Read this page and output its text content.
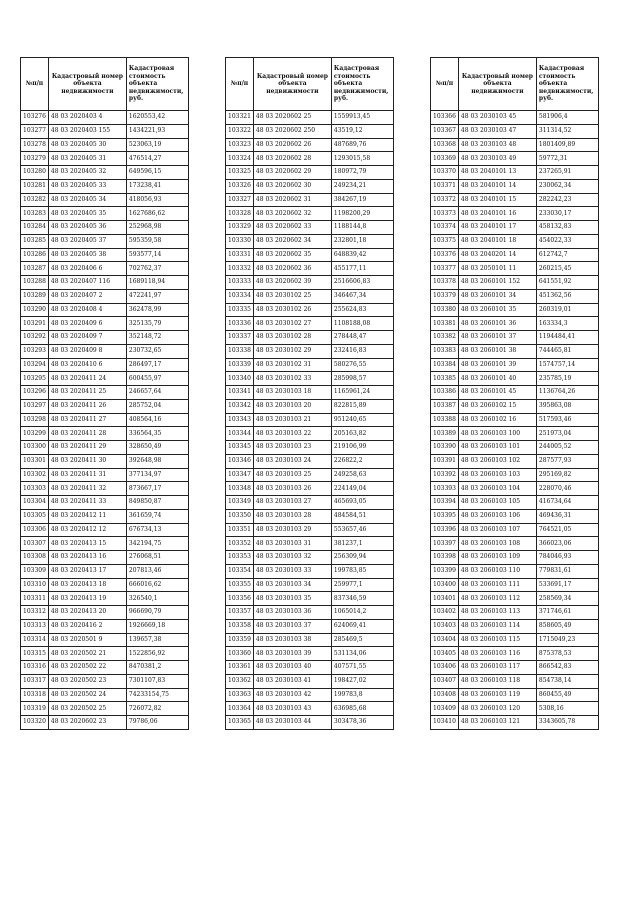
№п/п	Кадастровый номер объекта недвижимости	Кадастровая стоимость объекта недвижимости, руб.
103276	48 03 2020403 4	1620553,42
103277	48 03 2020403 155	1434221,93
103278	48 03 2020405 30	523063,19
103279	48 03 2020405 31	476514,27
103280	48 03 2020405 32	649596,15
103281	48 03 2020405 33	173238,41
103282	48 03 2020405 34	418056,93
103283	48 03 2020405 35	1627686,62
103284	48 03 2020405 36	252968,98
103285	48 03 2020405 37	595359,58
103286	48 03 2020405 38	593577,14
103287	48 03 2020406 6	702762,37
103288	48 03 2020407 116	1689118,94
103289	48 03 2020407 2	472241,97
103290	48 03 2020408 4	362478,99
103291	48 03 2020409 6	325135,79
103292	48 03 2020409 7	352148,72
103293	48 03 2020409 8	230732,65
103294	48 03 2020410 6	286497,17
103295	48 03 2020411 24	600455,97
103296	48 03 2020411 25	246657,64
103297	48 03 2020411 26	285752,04
103298	48 03 2020411 27	408564,16
103299	48 03 2020411 28	336564,35
103300	48 03 2020411 29	328650,49
103301	48 03 2020411 30	392648,98
103302	48 03 2020411 31	377134,97
103303	48 03 2020411 32	873667,17
103304	48 03 2020411 33	849850,87
103305	48 03 2020412 11	361659,74
103306	48 03 2020412 12	676734,13
103307	48 03 2020413 15	342194,75
103308	48 03 2020413 16	276068,51
103309	48 03 2020413 17	207813,46
103310	48 03 2020413 18	666016,62
103311	48 03 2020413 19	326540,1
103312	48 03 2020413 20	966690,79
103313	48 03 2020416 2	1926669,18
103314	48 03 2020501 9	139657,38
103315	48 03 2020502 21	1522856,92
103316	48 03 2020502 22	8470381,2
103317	48 03 2020502 23	7301107,83
103318	48 03 2020502 24	74233154,75
103319	48 03 2020502 25	726072,82
103320	48 03 2020602 23	79786,06
№п/п	Кадастровый номер объекта недвижимости	Кадастровая стоимость объекта недвижимости, руб.
103321	48 03 2020602 25	1559913,45
103322	48 03 2020602 250	43519,12
103323	48 03 2020602 26	487689,76
103324	48 03 2020602 28	1293015,58
103325	48 03 2020602 29	180972,79
103326	48 03 2020602 30	249234,21
103327	48 03 2020602 31	384267,19
103328	48 03 2020602 32	1198200,29
103329	48 03 2020602 33	1188144,8
103330	48 03 2020602 34	232801,18
103331	48 03 2020602 35	648839,42
103332	48 03 2020602 36	455177,11
103333	48 03 2020602 39	2516606,83
103334	48 03 2030102 25	346467,34
103335	48 03 2030102 26	255624,83
103336	48 03 2030102 27	1108188,08
103337	48 03 2030102 28	278448,47
103338	48 03 2030102 29	232416,83
103339	48 03 2030102 31	580276,55
103340	48 03 2030102 33	285998,57
103341	48 03 2030103 18	1165961,24
103342	48 03 2030103 20	822815,89
103343	48 03 2030103 21	951240,65
103344	48 03 2030103 22	205163,82
103345	48 03 2030103 23	219106,99
103346	48 03 2030103 24	226822,2
103347	48 03 2030103 25	249258,63
103348	48 03 2030103 26	224149,04
103349	48 03 2030103 27	465693,05
103350	48 03 2030103 28	484584,51
103351	48 03 2030103 29	553657,46
103352	48 03 2030103 31	381237,1
103353	48 03 2030103 32	256309,94
103354	48 03 2030103 33	199783,85
103355	48 03 2030103 34	259977,1
103356	48 03 2030103 35	837346,59
103357	48 03 2030103 36	1065014,2
103358	48 03 2030103 37	624069,41
103359	48 03 2030103 38	285469,5
103360	48 03 2030103 39	531134,06
103361	48 03 2030103 40	407571,55
103362	48 03 2030103 41	198427,02
103363	48 03 2030103 42	199783,8
103364	48 03 2030103 43	636985,68
103365	48 03 2030103 44	303478,36
№п/п	Кадастровый номер объекта недвижимости	Кадастровая стоимость объекта недвижимости, руб.
103366	48 03 2030103 45	581906,4
103367	48 03 2030103 47	311314,52
103368	48 03 2030103 48	1801409,89
103369	48 03 2030103 49	59772,31
103370	48 03 2040101 13	237265,91
103371	48 03 2040101 14	230062,34
103372	48 03 2040101 15	282242,23
103373	48 03 2040101 16	233030,17
103374	48 03 2040101 17	458132,83
103375	48 03 2040101 18	454022,33
103376	48 03 2040201 14	612742,7
103377	48 03 2050101 11	260215,45
103378	48 03 2060101 152	641551,92
103379	48 03 2060101 34	451362,56
103380	48 03 2060101 35	260319,01
103381	48 03 2060101 36	163334,3
103382	48 03 2060101 37	1194484,41
103383	48 03 2060101 38	744465,81
103384	48 03 2060101 39	1574757,14
103385	48 03 2060101 40	235785,19
103386	48 03 2060101 45	1136764,26
103387	48 03 2060102 15	395863,08
103388	48 03 2060102 16	517593,46
103389	48 03 2060103 100	251973,04
103390	48 03 2060103 101	244005,52
103391	48 03 2060103 102	287577,93
103392	48 03 2060103 103	295169,82
103393	48 03 2060103 104	228070,46
103394	48 03 2060103 105	416734,64
103395	48 03 2060103 106	469436,31
103396	48 03 2060103 107	764521,05
103397	48 03 2060103 108	366023,06
103398	48 03 2060103 109	784046,93
103399	48 03 2060103 110	779831,61
103400	48 03 2060103 111	533691,17
103401	48 03 2060103 112	258569,34
103402	48 03 2060103 113	371746,61
103403	48 03 2060103 114	858605,49
103404	48 03 2060103 115	1715049,23
103405	48 03 2060103 116	875378,53
103406	48 03 2060103 117	866542,83
103407	48 03 2060103 118	854738,14
103408	48 03 2060103 119	860455,49
103409	48 03 2060103 120	5308,16
103410	48 03 2060103 121	3343605,78
